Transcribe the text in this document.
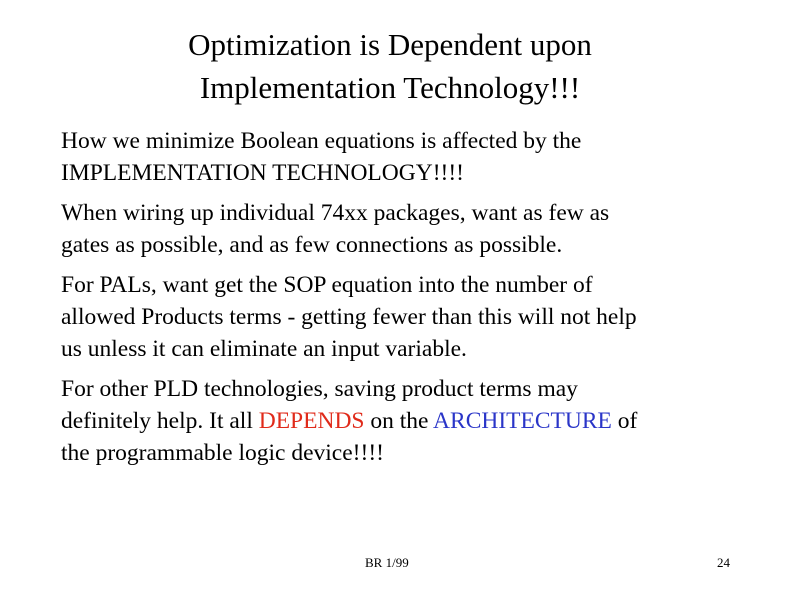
Optimization is Dependent upon
Implementation Technology!!!
How we minimize Boolean equations is affected by the
IMPLEMENTATION TECHNOLOGY!!!!
When wiring up individual 74xx packages, want as few as
gates as possible, and as few connections as possible.
For PALs, want get the SOP equation into the number of
allowed Products terms - getting fewer than this will not help
us unless it can eliminate an input variable.
For other PLD technologies, saving product terms may
definitely help. It all DEPENDS on the ARCHITECTURE of
the programmable logic device!!!!
BR 1/99	24
